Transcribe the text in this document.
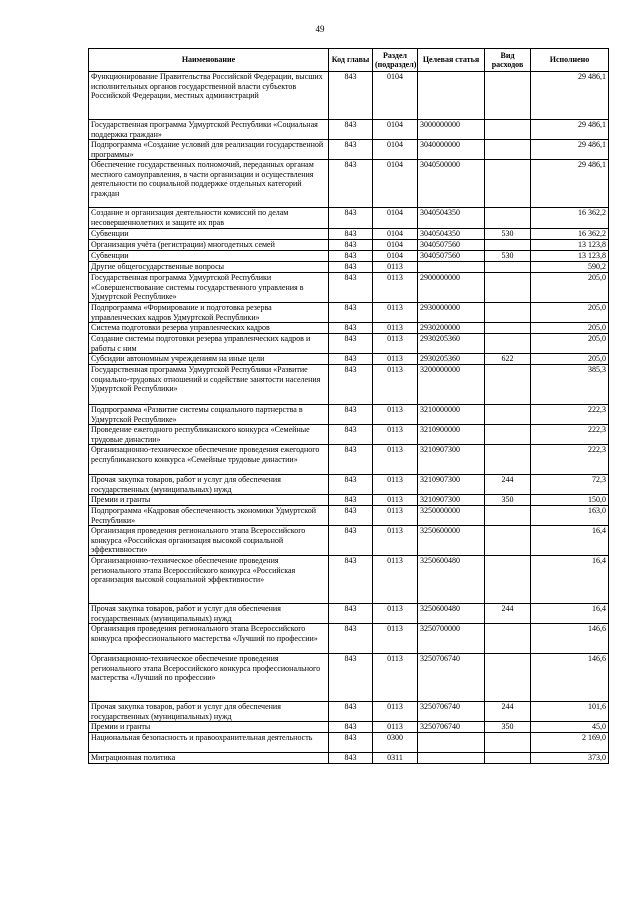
49
Наименование	Код главы	Раздел (подраздел)	Целевая статья	Вид расходов	Исполнено
Функционирование Правительства Российской Федерации, высших исполнительных органов государственной власти субъектов Российской Федерации, местных администраций	843	0104			29 486,1
Государственная программа Удмуртской Республики «Социальная поддержка граждан»	843	0104	3000000000		29 486,1
Подпрограмма «Создание условий для реализации государственной программы»	843	0104	3040000000		29 486,1
Обеспечение государственных полномочий, переданных органам местного самоуправления, в части организации и осуществления деятельности по социальной поддержке отдельных категорий граждан	843	0104	3040500000		29 486,1
Создание и организация деятельности комиссий по делам несовершеннолетних и защите их прав	843	0104	3040504350		16 362,2
Субвенции	843	0104	3040504350	530	16 362,2
Организация учёта (регистрации) многодетных семей	843	0104	3040507560		13 123,8
Субвенции	843	0104	3040507560	530	13 123,8
Другие общегосударственные вопросы	843	0113			590,2
Государственная программа Удмуртской Республики «Совершенствование системы государственного управления в Удмуртской Республике»	843	0113	2900000000		205,0
Подпрограмма «Формирование и подготовка резерва управленческих кадров Удмуртской Республики»	843	0113	2930000000		205,0
Система подготовки резерва управленческих кадров	843	0113	2930200000		205,0
Создание системы подготовки резерва управленческих кадров и работы с ним	843	0113	2930205360		205,0
Субсидии автономным учреждениям на иные цели	843	0113	2930205360	622	205,0
Государственная программа Удмуртской Республики «Развитие социально-трудовых отношений и содействие занятости населения Удмуртской Республики»	843	0113	3200000000		385,3
Подпрограмма «Развитие системы социального партнерства в Удмуртской Республике»	843	0113	3210000000		222,3
Проведение ежегодного республиканского конкурса «Семейные трудовые династии»	843	0113	3210900000		222,3
Организационно-техническое обеспечение проведения ежегодного республиканского конкурса «Семейные трудовые династии»	843	0113	3210907300		222,3
Прочая закупка товаров, работ и услуг для обеспечения государственных (муниципальных) нужд	843	0113	3210907300	244	72,3
Премии и гранты	843	0113	3210907300	350	150,0
Подпрограмма «Кадровая обеспеченность экономики Удмуртской Республики»	843	0113	3250000000		163,0
Организация проведения регионального этапа Всероссийского конкурса «Российская организация высокой социальной эффективности»	843	0113	3250600000		16,4
Организационно-техническое обеспечение проведения регионального этапа Всероссийского конкурса «Российская организация высокой социальной эффективности»	843	0113	3250600480		16,4
Прочая закупка товаров, работ и услуг для обеспечения государственных (муниципальных) нужд	843	0113	3250600480	244	16,4
Организация проведения регионального этапа Всероссийского конкурса профессионального мастерства «Лучший по профессии»	843	0113	3250700000		146,6
Организационно-техническое обеспечение проведения регионального этапа Всероссийского конкурса профессионального мастерства «Лучший по профессии»	843	0113	3250706740		146,6
Прочая закупка товаров, работ и услуг для обеспечения государственных (муниципальных) нужд	843	0113	3250706740	244	101,6
Премии и гранты	843	0113	3250706740	350	45,0
Национальная безопасность и правоохранительная деятельность	843	0300			2 169,0
Миграционная политика	843	0311			373,0
